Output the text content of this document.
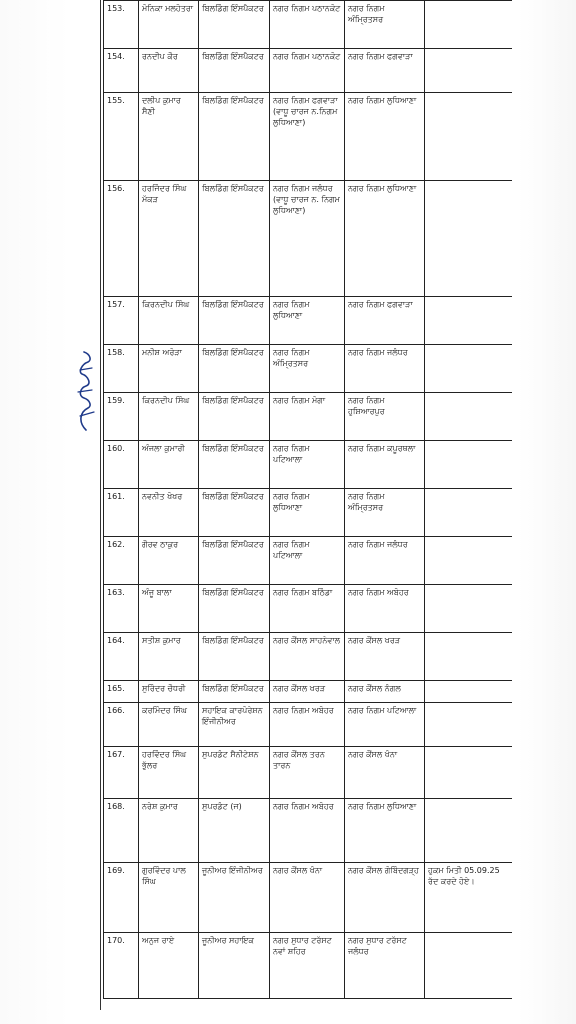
153.	ਮੋਨਿਕਾ ਮਲਹੋਤਰਾ	ਬਿਲਡਿੰਗ ਇੰਸਪੈਕਟਰ	ਨਗਰ ਨਿਗਮ ਪਠਾਨਕੋਟ	ਨਗਰ ਨਿਗਮ ਅੰਮ੍ਰਿਤਸਰ	
154.	ਰਨਦੀਪ ਕੌਰ	ਬਿਲਡਿੰਗ ਇੰਸਪੈਕਟਰ	ਨਗਰ ਨਿਗਮ ਪਠਾਨਕੋਟ	ਨਗਰ ਨਿਗਮ ਫਗਵਾੜਾ	
155.	ਦਲੀਪ ਕੁਮਾਰ ਸੈਣੀ	ਬਿਲਡਿੰਗ ਇੰਸਪੈਕਟਰ	ਨਗਰ ਨਿਗਮ ਫਗਵਾੜਾ (ਵਾਧੂ ਚਾਰਜ ਨ.ਨਿਗਮ ਲੁਧਿਆਣਾ)	ਨਗਰ ਨਿਗਮ ਲੁਧਿਆਣਾ	
156.	ਹਰਜਿੰਦਰ ਸਿੰਘ ਮੱਕੜ	ਬਿਲਡਿੰਗ ਇੰਸਪੈਕਟਰ	ਨਗਰ ਨਿਗਮ ਜਲੰਧਰ (ਵਾਧੂ ਚਾਰਜ ਨ. ਨਿਗਮ ਲੁਧਿਆਣਾ)	ਨਗਰ ਨਿਗਮ ਲੁਧਿਆਣਾ	
157.	ਕਿਰਨਦੀਪ ਸਿੰਘ	ਬਿਲਡਿੰਗ ਇੰਸਪੈਕਟਰ	ਨਗਰ ਨਿਗਮ ਲੁਧਿਆਣਾ	ਨਗਰ ਨਿਗਮ ਫਗਵਾੜਾ	
158.	ਮਨੀਸ਼ ਅਰੋੜਾ	ਬਿਲਡਿੰਗ ਇੰਸਪੈਕਟਰ	ਨਗਰ ਨਿਗਮ ਅੰਮ੍ਰਿਤਸਰ	ਨਗਰ ਨਿਗਮ ਜਲੰਧਰ	
159.	ਕਿਰਨਦੀਪ ਸਿੰਘ	ਬਿਲਡਿੰਗ ਇੰਸਪੈਕਟਰ	ਨਗਰ ਨਿਗਮ ਮੋਗਾ	ਨਗਰ ਨਿਗਮ ਹੁਸ਼ਿਆਰਪੁਰ	
160.	ਅੰਜਲਾ ਕੁਮਾਰੀ	ਬਿਲਡਿੰਗ ਇੰਸਪੈਕਟਰ	ਨਗਰ ਨਿਗਮ ਪਟਿਆਲਾ	ਨਗਰ ਨਿਗਮ ਕਪੂਰਥਲਾ	
161.	ਨਵਨੀਤ ਖੋਖਰ	ਬਿਲਡਿੰਗ ਇੰਸਪੈਕਟਰ	ਨਗਰ ਨਿਗਮ ਲੁਧਿਆਣਾ	ਨਗਰ ਨਿਗਮ ਅੰਮ੍ਰਿਤਸਰ	
162.	ਗੌਰਵ ਠਾਕੁਰ	ਬਿਲਡਿੰਗ ਇੰਸਪੈਕਟਰ	ਨਗਰ ਨਿਗਮ ਪਟਿਆਲਾ	ਨਗਰ ਨਿਗਮ ਜਲੰਧਰ	
163.	ਅੰਜੂ ਬਾਲਾ	ਬਿਲਡਿੰਗ ਇੰਸਪੈਕਟਰ	ਨਗਰ ਨਿਗਮ ਬਠਿੰਡਾ	ਨਗਰ ਨਿਗਮ ਅਬੋਹਰ	
164.	ਸਤੀਸ਼ ਕੁਮਾਰ	ਬਿਲਡਿੰਗ ਇੰਸਪੈਕਟਰ	ਨਗਰ ਕੌਂਸਲ ਸਾਹਨੇਵਾਲ	ਨਗਰ ਕੌਂਸਲ ਖਰੜ	
165.	ਸੁਰਿੰਦਰ ਚੌਧਰੀ	ਬਿਲਡਿੰਗ ਇੰਸਪੈਕਟਰ	ਨਗਰ ਕੌਂਸਲ ਖਰੜ	ਨਗਰ ਕੌਂਸਲ ਨੰਗਲ	
166.	ਕਰਮਿੰਦਰ ਸਿੰਘ	ਸਹਾਇਕ ਕਾਰਪੋਰੇਸ਼ਨ ਇੰਜੀਨੀਅਰ	ਨਗਰ ਨਿਗਮ ਅਬੋਹਰ	ਨਗਰ ਨਿਗਮ ਪਟਿਆਲਾ	
167.	ਹਰਵਿੰਦਰ ਸਿੰਘ ਭੁੱਲਰ	ਸੁਪਰਡੰਟ ਸੈਨੀਟੇਸ਼ਨ	ਨਗਰ ਕੌਂਸਲ ਤਰਨ ਤਾਰਨ	ਨਗਰ ਕੌਂਸਲ ਖੰਨਾ	
168.	ਨਰੇਸ਼ ਕੁਮਾਰ	ਸੁਪਰਡੰਟ (ਜ)	ਨਗਰ ਨਿਗਮ ਅਬੋਹਰ	ਨਗਰ ਨਿਗਮ ਲੁਧਿਆਣਾ	
169.	ਗੁਰਵਿੰਦਰ ਪਾਲ ਸਿੰਘ	ਜੂਨੀਅਰ ਇੰਜੀਨੀਅਰ	ਨਗਰ ਕੌਂਸਲ ਖੰਨਾ	ਨਗਰ ਕੌਂਸਲ ਗੋਬਿੰਦਗੜ੍ਹ	ਹੁਕਮ ਮਿਤੀ 05.09.25 ਰੱਦ ਕਰਦੇ ਹੋਏ।
170.	ਅਨੁਜ ਰਾਏ	ਜੂਨੀਅਰ ਸਹਾਇਕ	ਨਗਰ ਸੁਧਾਰ ਟਰੱਸਟ ਨਵਾਂ ਸ਼ਹਿਰ	ਨਗਰ ਸੁਧਾਰ ਟਰੱਸਟ ਜਲੰਧਰ	
